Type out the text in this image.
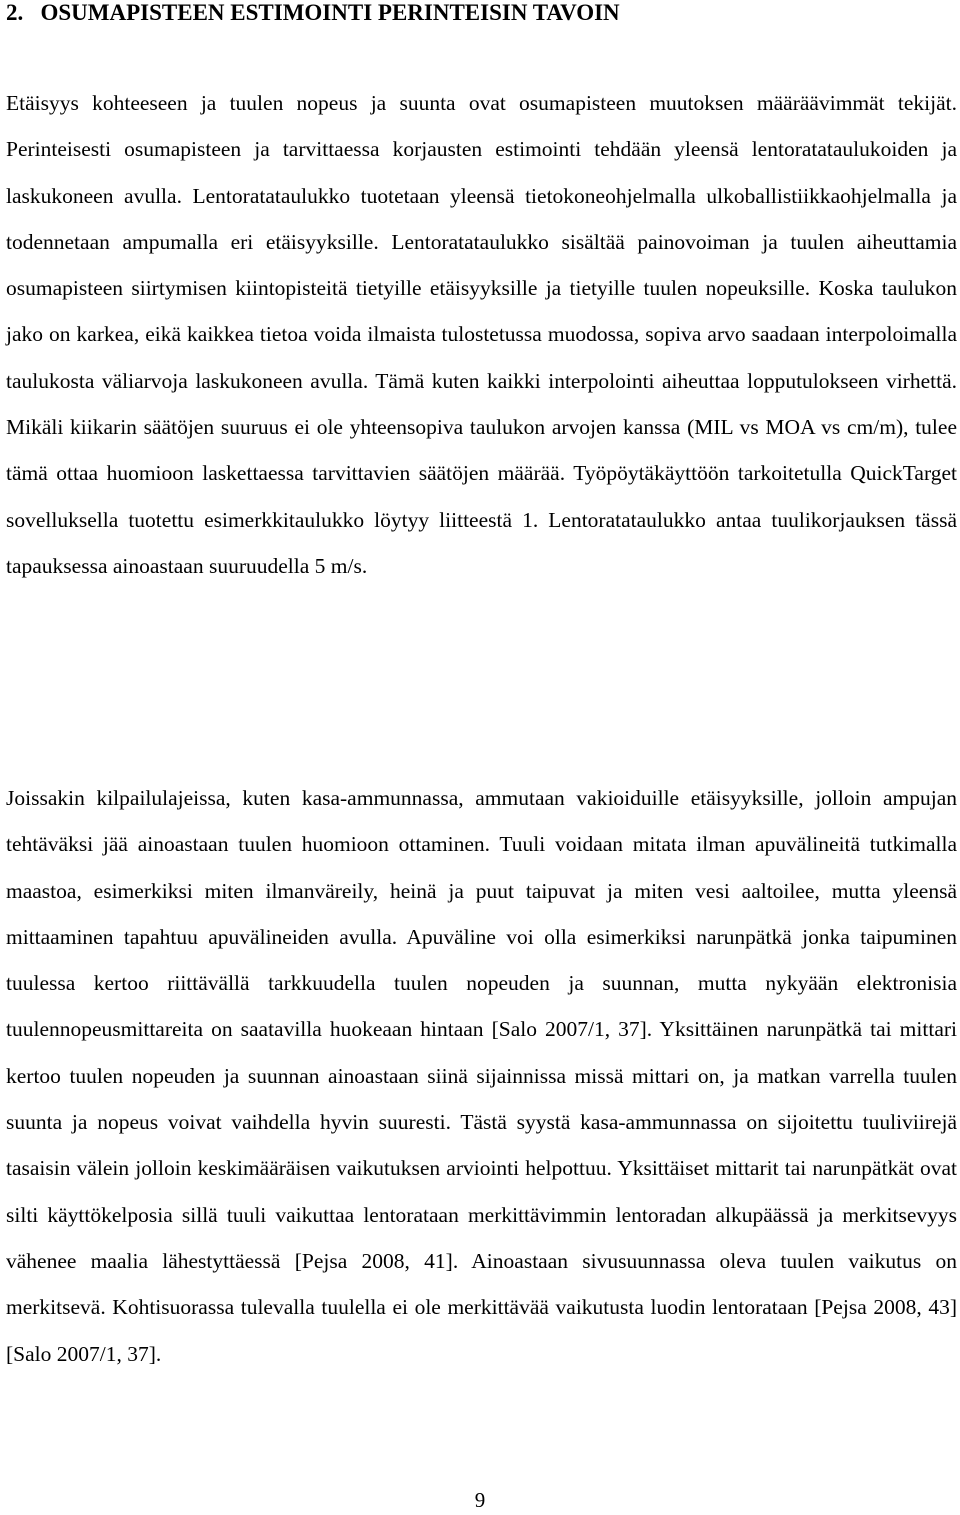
2.   OSUMAPISTEEN ESTIMOINTI PERINTEISIN TAVOIN

Etäisyys kohteeseen ja tuulen nopeus ja suunta ovat osumapisteen muutoksen määräävimmät tekijät. Perinteisesti osumapisteen ja tarvittaessa korjausten estimointi tehdään yleensä lentoratataulukoiden ja laskukoneen avulla. Lentoratataulukko tuotetaan yleensä tietokoneohjelmalla ulkoballistiikkaohjelmalla ja todennetaan ampumalla eri etäisyyksille. Lentoratataulukko sisältää painovoiman ja tuulen aiheuttamia osumapisteen siirtymisen kiintopisteitä tietyille etäisyyksille ja tietyille tuulen nopeuksille. Koska taulukon jako on karkea, eikä kaikkea tietoa voida ilmaista tulostetussa muodossa, sopiva arvo saadaan interpoloimalla taulukosta väliarvoja laskukoneen avulla. Tämä kuten kaikki interpolointi aiheuttaa lopputulokseen virhettä. Mikäli kiikarin säätöjen suuruus ei ole yhteensopiva taulukon arvojen kanssa (MIL vs MOA vs cm/m), tulee tämä ottaa huomioon laskettaessa tarvittavien säätöjen määrää. Työpöytäkäyttöön tarkoitetulla QuickTarget sovelluksella tuotettu esimerkkitaulukko löytyy liitteestä 1. Lentoratataulukko antaa tuulikorjauksen tässä tapauksessa ainoastaan suuruudella 5 m/s.

Joissakin kilpailulajeissa, kuten kasa-ammunnassa, ammutaan vakioiduille etäisyyksille, jolloin ampujan tehtäväksi jää ainoastaan tuulen huomioon ottaminen. Tuuli voidaan mitata ilman apuvälineitä tutkimalla maastoa, esimerkiksi miten ilmanväreily, heinä ja puut taipuvat ja miten vesi aaltoilee, mutta yleensä mittaaminen tapahtuu apuvälineiden avulla. Apuväline voi olla esimerkiksi narunpätkä jonka taipuminen tuulessa kertoo riittävällä tarkkuudella tuulen nopeuden ja suunnan, mutta nykyään elektronisia tuulennopeusmittareita on saatavilla huokeaan hintaan [Salo 2007/1, 37]. Yksittäinen narunpätkä tai mittari kertoo tuulen nopeuden ja suunnan ainoastaan siinä sijainnissa missä mittari on, ja matkan varrella tuulen suunta ja nopeus voivat vaihdella hyvin suuresti. Tästä syystä kasa-ammunnassa on sijoitettu tuuliviirejä tasaisin välein jolloin keskimääräisen vaikutuksen arviointi helpottuu. Yksittäiset mittarit tai narunpätkät ovat silti käyttökelposia sillä tuuli vaikuttaa lentorataan merkittävimmin lentoradan alkupäässä ja merkitsevyys vähenee maalia lähestyttäessä [Pejsa 2008, 41]. Ainoastaan sivusuunnassa oleva tuulen vaikutus on merkitsevä. Kohtisuorassa tulevalla tuulella ei ole merkittävää vaikutusta luodin lentorataan [Pejsa 2008, 43] [Salo 2007/1, 37].

9
